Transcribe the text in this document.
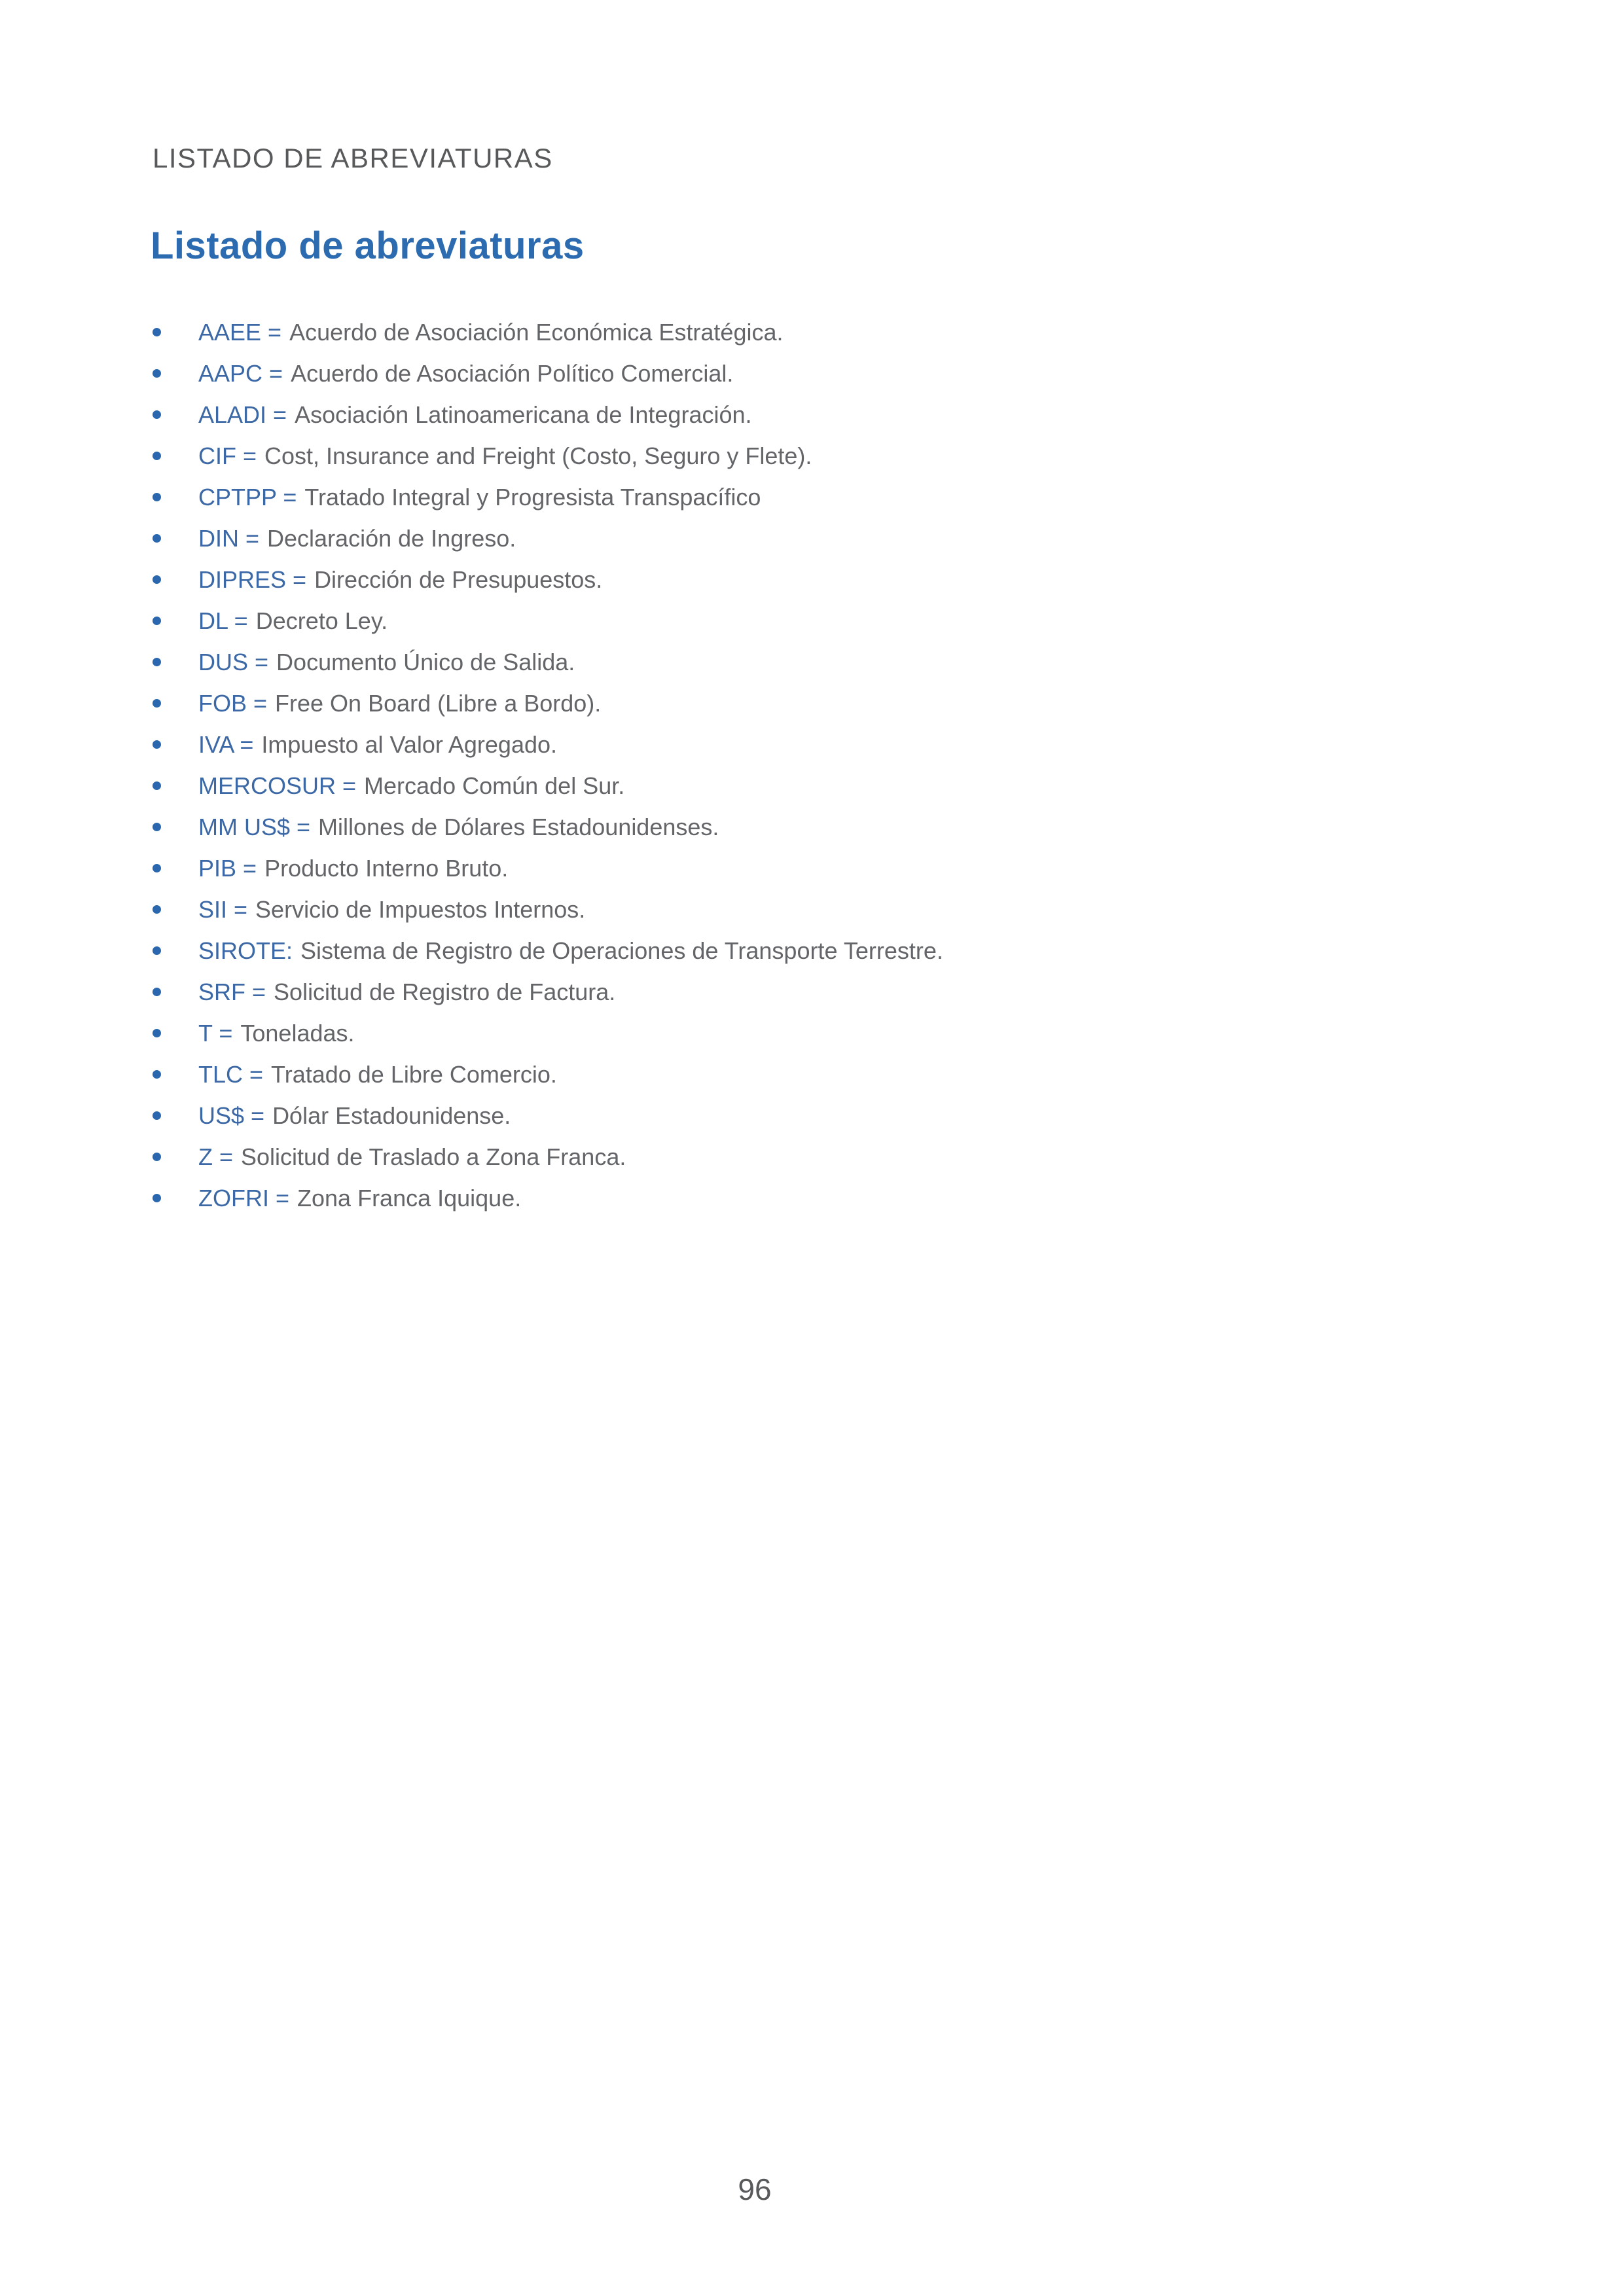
LISTADO DE ABREVIATURAS
Listado de abreviaturas
AAEE = Acuerdo de Asociación Económica Estratégica.
AAPC = Acuerdo de Asociación Político Comercial.
ALADI = Asociación Latinoamericana de Integración.
CIF = Cost, Insurance and Freight (Costo, Seguro y Flete).
CPTPP = Tratado Integral y Progresista Transpacífico
DIN = Declaración de Ingreso.
DIPRES = Dirección de Presupuestos.
DL = Decreto Ley.
DUS = Documento Único de Salida.
FOB = Free On Board (Libre a Bordo).
IVA = Impuesto al Valor Agregado.
MERCOSUR = Mercado Común del Sur.
MM US$ = Millones de Dólares Estadounidenses.
PIB = Producto Interno Bruto.
SII = Servicio de Impuestos Internos.
SIROTE: Sistema de Registro de Operaciones de Transporte Terrestre.
SRF = Solicitud de Registro de Factura.
T = Toneladas.
TLC = Tratado de Libre Comercio.
US$ = Dólar Estadounidense.
Z = Solicitud de Traslado a Zona Franca.
ZOFRI = Zona Franca Iquique.
96
